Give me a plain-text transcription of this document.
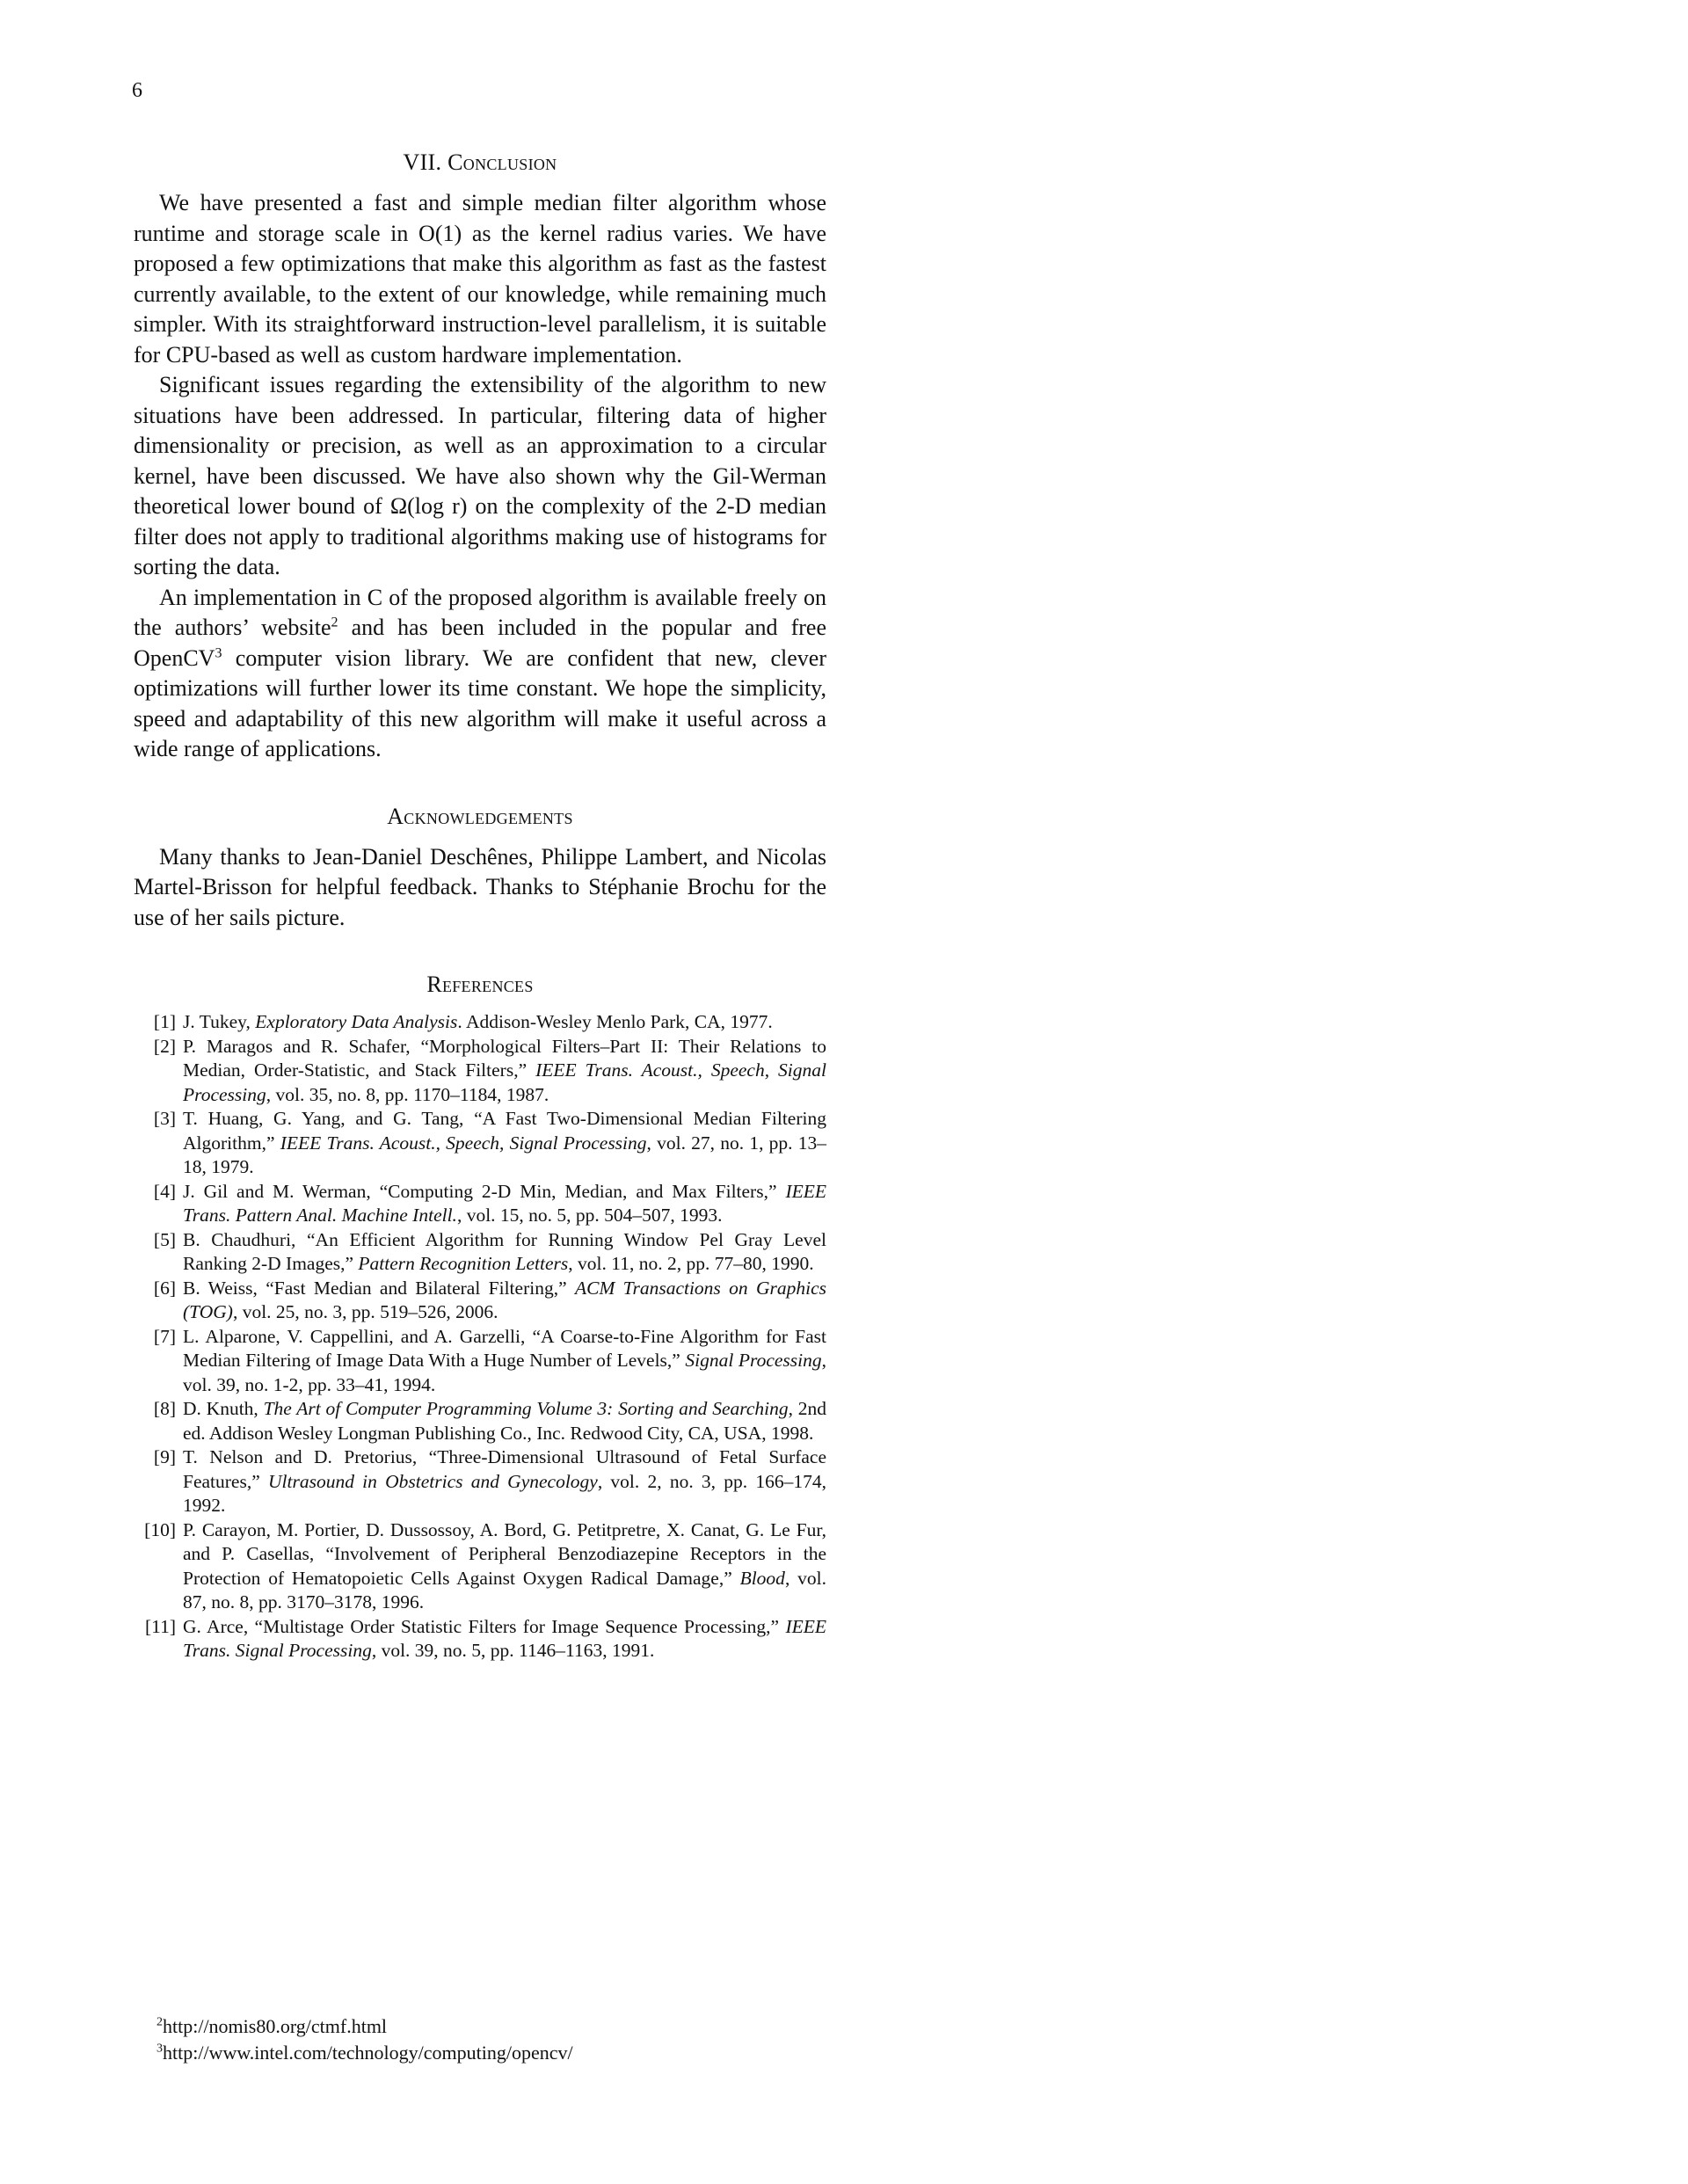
6
VII. Conclusion

We have presented a fast and simple median filter algorithm whose runtime and storage scale in O(1) as the kernel radius varies. We have proposed a few optimizations that make this algorithm as fast as the fastest currently available, to the extent of our knowledge, while remaining much simpler. With its straightforward instruction-level parallelism, it is suitable for CPU-based as well as custom hardware implementation.

Significant issues regarding the extensibility of the algorithm to new situations have been addressed. In particular, filtering data of higher dimensionality or precision, as well as an approximation to a circular kernel, have been discussed. We have also shown why the Gil-Werman theoretical lower bound of Ω(log r) on the complexity of the 2-D median filter does not apply to traditional algorithms making use of histograms for sorting the data.

An implementation in C of the proposed algorithm is available freely on the authors’ website$^2$ and has been included in the popular and free OpenCV$^3$ computer vision library. We are confident that new, clever optimizations will further lower its time constant. We hope the simplicity, speed and adaptability of this new algorithm will make it useful across a wide range of applications.

Acknowledgements

Many thanks to Jean-Daniel Deschênes, Philippe Lambert, and Nicolas Martel-Brisson for helpful feedback. Thanks to Stéphanie Brochu for the use of her sails picture.

References
[1] J. Tukey, Exploratory Data Analysis. Addison-Wesley Menlo Park, CA, 1977.
[2] P. Maragos and R. Schafer, “Morphological Filters–Part II: Their Relations to Median, Order-Statistic, and Stack Filters,” IEEE Trans. Acoust., Speech, Signal Processing, vol. 35, no. 8, pp. 1170–1184, 1987.
[3] T. Huang, G. Yang, and G. Tang, “A Fast Two-Dimensional Median Filtering Algorithm,” IEEE Trans. Acoust., Speech, Signal Processing, vol. 27, no. 1, pp. 13–18, 1979.
[4] J. Gil and M. Werman, “Computing 2-D Min, Median, and Max Filters,” IEEE Trans. Pattern Anal. Machine Intell., vol. 15, no. 5, pp. 504–507, 1993.
[5] B. Chaudhuri, “An Efficient Algorithm for Running Window Pel Gray Level Ranking 2-D Images,” Pattern Recognition Letters, vol. 11, no. 2, pp. 77–80, 1990.
[6] B. Weiss, “Fast Median and Bilateral Filtering,” ACM Transactions on Graphics (TOG), vol. 25, no. 3, pp. 519–526, 2006.
[7] L. Alparone, V. Cappellini, and A. Garzelli, “A Coarse-to-Fine Algorithm for Fast Median Filtering of Image Data With a Huge Number of Levels,” Signal Processing, vol. 39, no. 1-2, pp. 33–41, 1994.
[8] D. Knuth, The Art of Computer Programming Volume 3: Sorting and Searching, 2nd ed. Addison Wesley Longman Publishing Co., Inc. Redwood City, CA, USA, 1998.
[9] T. Nelson and D. Pretorius, “Three-Dimensional Ultrasound of Fetal Surface Features,” Ultrasound in Obstetrics and Gynecology, vol. 2, no. 3, pp. 166–174, 1992.
[10] P. Carayon, M. Portier, D. Dussossoy, A. Bord, G. Petitpretre, X. Canat, G. Le Fur, and P. Casellas, “Involvement of Peripheral Benzodiazepine Receptors in the Protection of Hematopoietic Cells Against Oxygen Radical Damage,” Blood, vol. 87, no. 8, pp. 3170–3178, 1996.
[11] G. Arce, “Multistage Order Statistic Filters for Image Sequence Processing,” IEEE Trans. Signal Processing, vol. 39, no. 5, pp. 1146–1163, 1991.
$^2$http://nomis80.org/ctmf.html
$^3$http://www.intel.com/technology/computing/opencv/
